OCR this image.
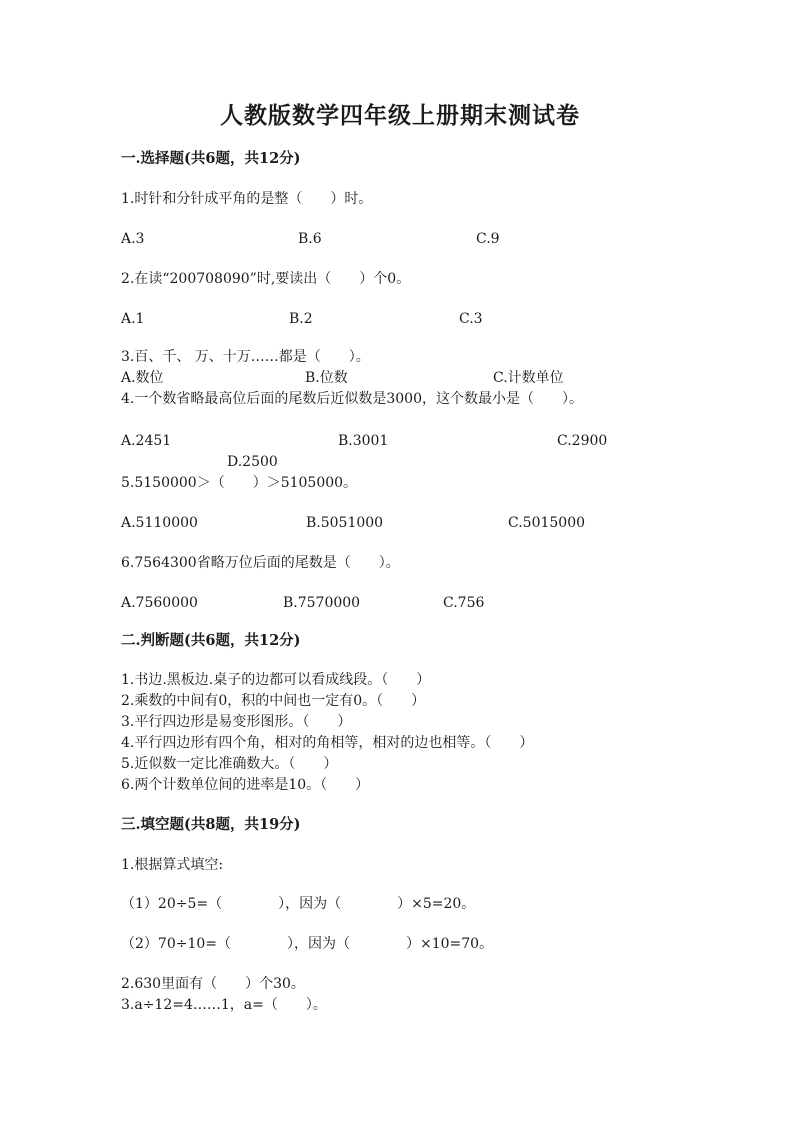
人教版数学四年级上册期末测试卷
一.选择题(共6题，共12分)
1.时针和分针成平角的是整（　　）时。
A.3	B.6	C.9
2.在读“200708090”时,要读出（　　）个0。
A.1	B.2	C.3
3.百、千、 万、十万……都是（　　）。
A.数位	B.位数	C.计数单位
4.一个数省略最高位后面的尾数后近似数是3000，这个数最小是（　　）。
A.2451	B.3001	C.2900
D.2500
5.5150000＞（　　）＞5105000。
A.5110000	B.5051000	C.5015000
6.7564300省略万位后面的尾数是（　　）。
A.7560000	B.7570000	C.756
二.判断题(共6题，共12分)
1.书边.黑板边.桌子的边都可以看成线段。（　　）
2.乘数的中间有0，积的中间也一定有0。（　　）
3.平行四边形是易变形图形。（　　）
4.平行四边形有四个角，相对的角相等，相对的边也相等。（　　）
5.近似数一定比准确数大。（　　）
6.两个计数单位间的进率是10。（　　）
三.填空题(共8题，共19分)
1.根据算式填空:
（1）20÷5=（　　　　），因为（　　　　）×5=20。
（2）70÷10=（　　　　），因为（　　　　）×10=70。
2.630里面有（　　）个30。
3.a÷12=4……1，a=（　　）。
